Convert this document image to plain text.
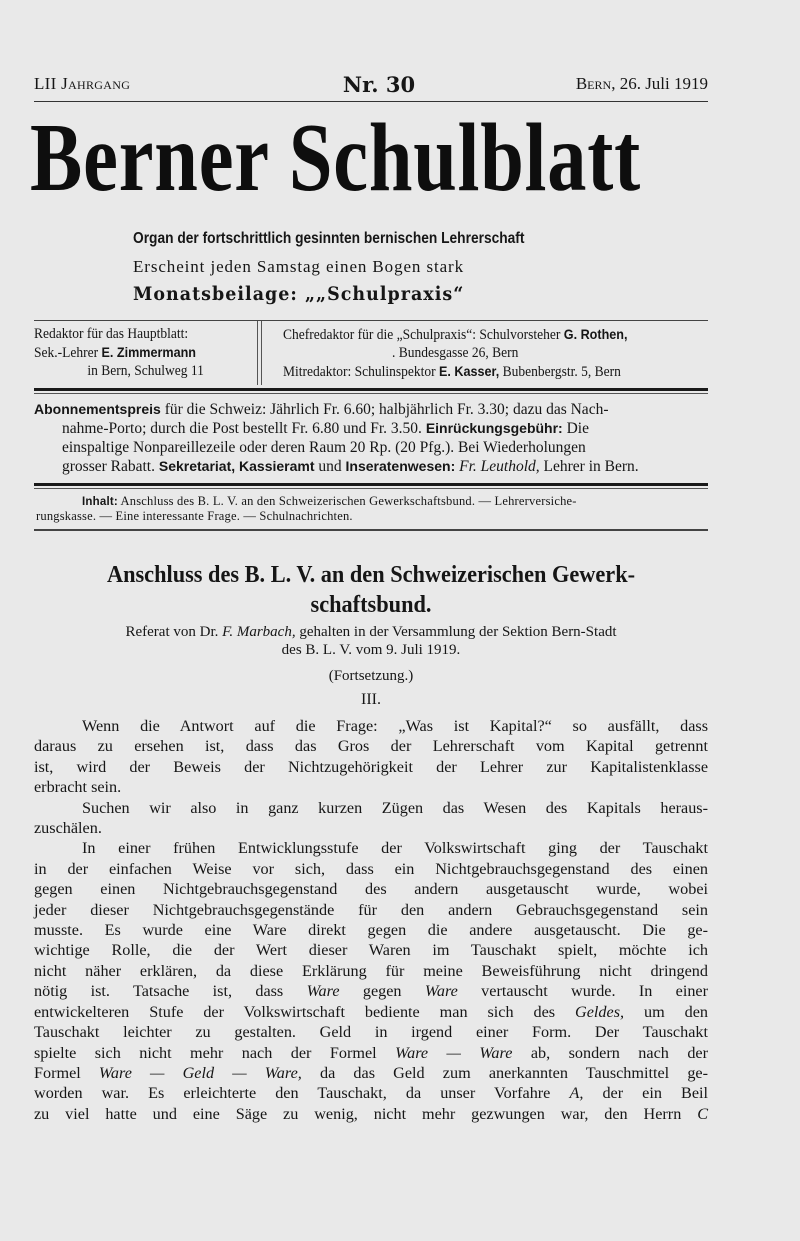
LII Jahrgang	Nr. 30	Bern, 26. Juli 1919
Berner Schulblatt
Organ der fortschrittlich gesinnten bernischen Lehrerschaft
Erscheint jeden Samstag einen Bogen stark
Monatsbeilage: „„Schulpraxis“
Redaktor für das Hauptblatt:
Sek.-Lehrer E. Zimmermann
in Bern, Schulweg 11
Chefredaktor für die „Schulpraxis“: Schulvorsteher G. Rothen,
. Bundesgasse 26, Bern
Mitredaktor: Schulinspektor E. Kasser, Bubenbergstr. 5, Bern
Abonnementspreis für die Schweiz: Jährlich Fr. 6.60; halbjährlich Fr. 3.30; dazu das Nach-
nahme-Porto; durch die Post bestellt Fr. 6.80 und Fr. 3.50. Einrückungsgebühr: Die
einspaltige Nonpareillezeile oder deren Raum 20 Rp. (20 Pfg.). Bei Wiederholungen
grosser Rabatt. Sekretariat, Kassieramt und Inseratenwesen: Fr. Leuthold, Lehrer in Bern.
Inhalt: Anschluss des B. L. V. an den Schweizerischen Gewerkschaftsbund. — Lehrerversiche-
rungskasse. — Eine interessante Frage. — Schulnachrichten.
Anschluss des B. L. V. an den Schweizerischen Gewerk-
schaftsbund.
Referat von Dr. F. Marbach, gehalten in der Versammlung der Sektion Bern-Stadt
des B. L. V. vom 9. Juli 1919.
(Fortsetzung.)
III.
Wenn die Antwort auf die Frage: „Was ist Kapital?“ so ausfällt, dass
daraus zu ersehen ist, dass das Gros der Lehrerschaft vom Kapital getrennt
ist, wird der Beweis der Nichtzugehörigkeit der Lehrer zur Kapitalistenklasse
erbracht sein.
Suchen wir also in ganz kurzen Zügen das Wesen des Kapitals heraus-
zuschälen.
In einer frühen Entwicklungsstufe der Volkswirtschaft ging der Tauschakt
in der einfachen Weise vor sich, dass ein Nichtgebrauchsgegenstand des einen
gegen einen Nichtgebrauchsgegenstand des andern ausgetauscht wurde, wobei
jeder dieser Nichtgebrauchsgegenstände für den andern Gebrauchsgegenstand sein
musste. Es wurde eine Ware direkt gegen die andere ausgetauscht. Die ge-
wichtige Rolle, die der Wert dieser Waren im Tauschakt spielt, möchte ich
nicht näher erklären, da diese Erklärung für meine Beweisführung nicht dringend
nötig ist. Tatsache ist, dass Ware gegen Ware vertauscht wurde. In einer
entwickelteren Stufe der Volkswirtschaft bediente man sich des Geldes, um den
Tauschakt leichter zu gestalten. Geld in irgend einer Form. Der Tauschakt
spielte sich nicht mehr nach der Formel Ware — Ware ab, sondern nach der
Formel Ware — Geld — Ware, da das Geld zum anerkannten Tauschmittel ge-
worden war. Es erleichterte den Tauschakt, da unser Vorfahre A, der ein Beil
zu viel hatte und eine Säge zu wenig, nicht mehr gezwungen war, den Herrn C
